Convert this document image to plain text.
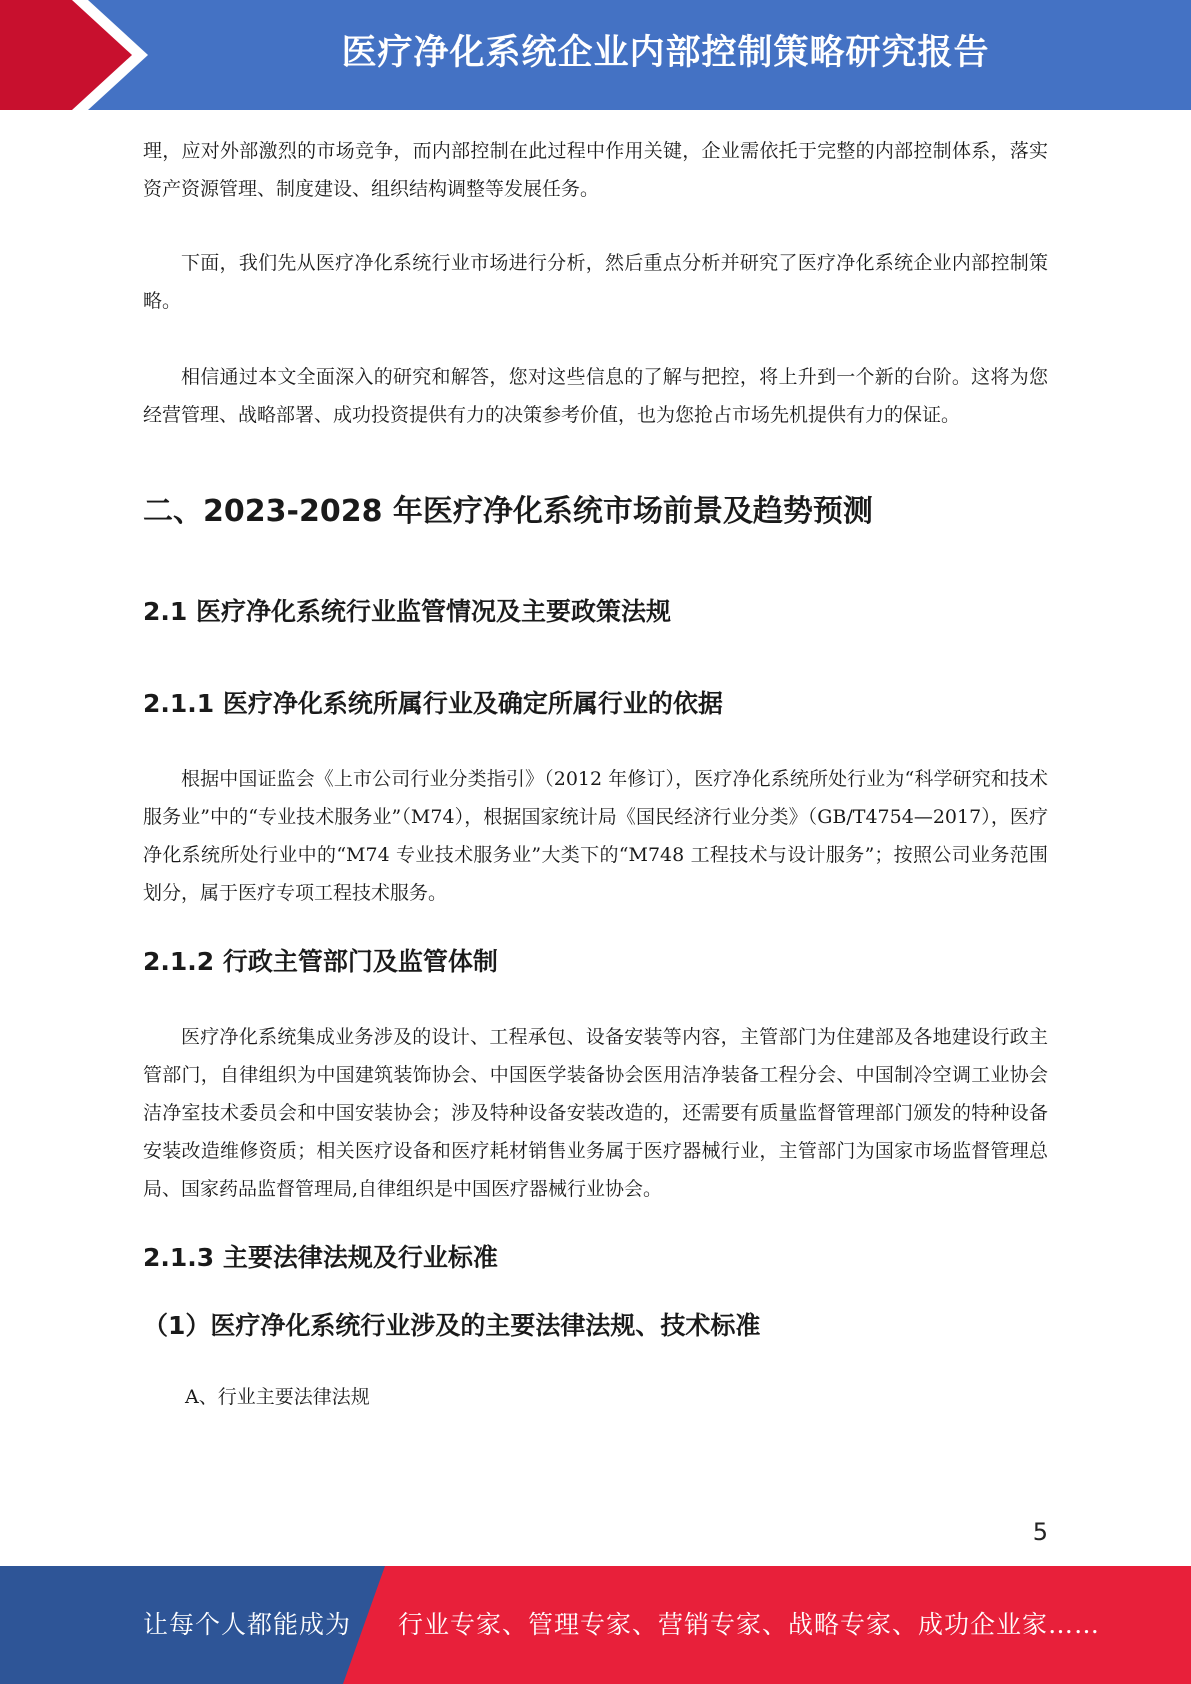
医疗净化系统企业内部控制策略研究报告

理，应对外部激烈的市场竞争，而内部控制在此过程中作用关键，企业需依托于完整的内部控制体系，落实资产资源管理、制度建设、组织结构调整等发展任务。

下面，我们先从医疗净化系统行业市场进行分析，然后重点分析并研究了医疗净化系统企业内部控制策略。

相信通过本文全面深入的研究和解答，您对这些信息的了解与把控，将上升到一个新的台阶。这将为您经营管理、战略部署、成功投资提供有力的决策参考价值，也为您抢占市场先机提供有力的保证。

二、2023-2028 年医疗净化系统市场前景及趋势预测
2.1 医疗净化系统行业监管情况及主要政策法规
2.1.1 医疗净化系统所属行业及确定所属行业的依据

根据中国证监会《上市公司行业分类指引》（2012 年修订），医疗净化系统所处行业为“科学研究和技术服务业”中的“专业技术服务业”（M74），根据国家统计局《国民经济行业分类》（GB/T4754—2017），医疗净化系统所处行业中的“M74 专业技术服务业”大类下的“M748 工程技术与设计服务”；按照公司业务范围划分，属于医疗专项工程技术服务。

2.1.2 行政主管部门及监管体制

医疗净化系统集成业务涉及的设计、工程承包、设备安装等内容，主管部门为住建部及各地建设行政主管部门，自律组织为中国建筑装饰协会、中国医学装备协会医用洁净装备工程分会、中国制冷空调工业协会洁净室技术委员会和中国安装协会；涉及特种设备安装改造的，还需要有质量监督管理部门颁发的特种设备安装改造维修资质；相关医疗设备和医疗耗材销售业务属于医疗器械行业，主管部门为国家市场监督管理总局、国家药品监督管理局,自律组织是中国医疗器械行业协会。

2.1.3 主要法律法规及行业标准
（1）医疗净化系统行业涉及的主要法律法规、技术标准

A、行业主要法律法规

5
让每个人都能成为 行业专家、管理专家、营销专家、战略专家、成功企业家……
